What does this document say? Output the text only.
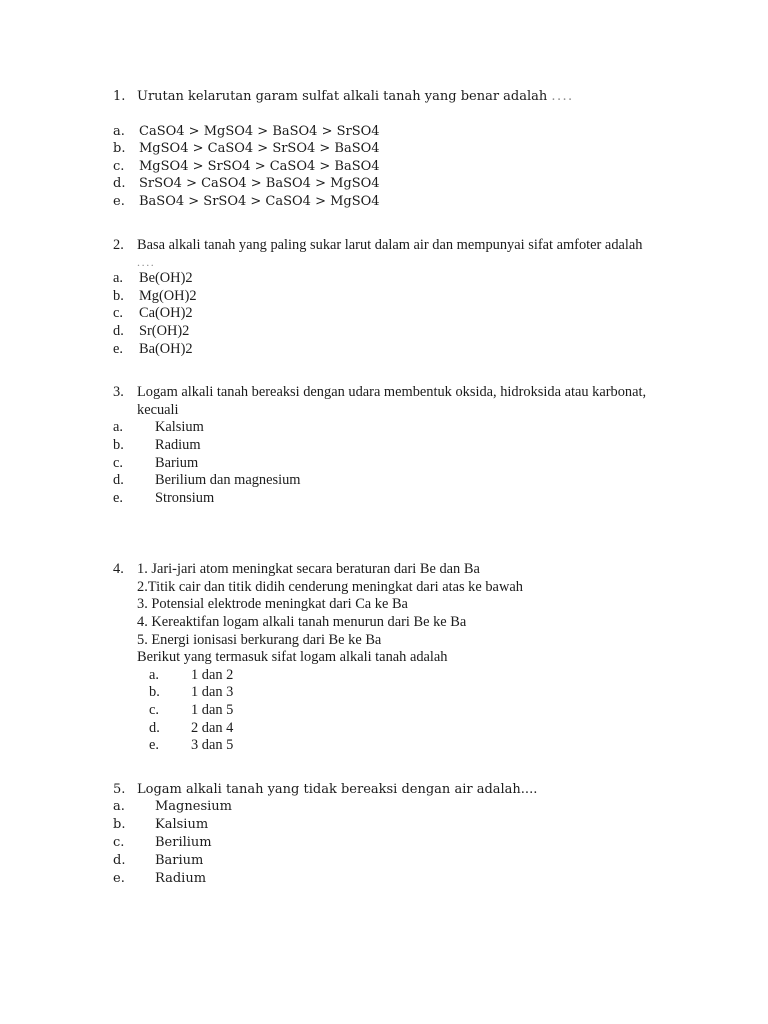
1. Urutan kelarutan garam sulfat alkali tanah yang benar adalah ....
a. CaSO4 > MgSO4 > BaSO4 > SrSO4
b. MgSO4 > CaSO4 > SrSO4 > BaSO4
c. MgSO4 > SrSO4 > CaSO4 > BaSO4
d. SrSO4 > CaSO4 > BaSO4 > MgSO4
e. BaSO4 > SrSO4 > CaSO4 > MgSO4
2. Basa alkali tanah yang paling sukar larut dalam air dan mempunyai sifat amfoter adalah
....
a. Be(OH)2
b. Mg(OH)2
c. Ca(OH)2
d. Sr(OH)2
e. Ba(OH)2
3. Logam alkali tanah bereaksi dengan udara membentuk oksida, hidroksida atau karbonat, kecuali
a. Kalsium
b. Radium
c. Barium
d. Berilium dan magnesium
e. Stronsium
4. 1. Jari-jari atom meningkat secara beraturan dari Be dan Ba
2.Titik cair dan titik didih cenderung meningkat dari atas ke bawah
3. Potensial elektrode meningkat dari Ca ke Ba
4. Kereaktifan logam alkali tanah menurun dari Be ke Ba
5. Energi ionisasi berkurang dari Be ke Ba
Berikut yang termasuk sifat logam alkali tanah adalah
a. 1 dan 2
b. 1 dan 3
c. 1 dan 5
d. 2 dan 4
e. 3 dan 5
5. Logam alkali tanah yang tidak bereaksi dengan air adalah....
a. Magnesium
b. Kalsium
c. Berilium
d. Barium
e. Radium
